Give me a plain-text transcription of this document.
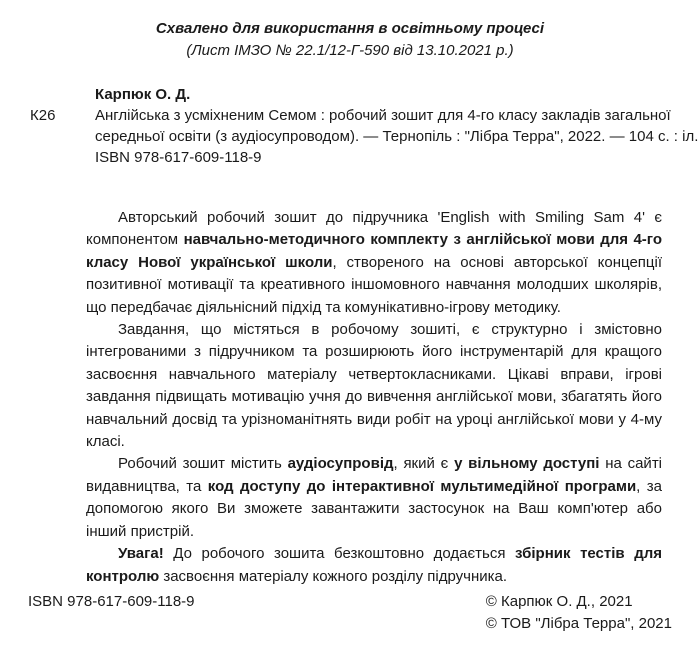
Схвалено для використання в освітньому процесі
(Лист ІМЗО № 22.1/12-Г-590 від 13.10.2021 р.)
Карпюк О. Д.
К26	Англійська з усміхненим Семом : робочий зошит для 4-го класу закладів загальної
середньої освіти (з аудіосупроводом). — Тернопіль : "Лібра Терра", 2022. — 104 с. : іл.
ISBN 978-617-609-118-9

Авторський робочий зошит до підручника 'English with Smiling Sam 4' є компонентом навчально-методичного комплекту з англійської мови для 4-го класу Нової української школи, створеного на основі авторської концепції позитивної мотивації та креативного іншомовного навчання молодших школярів, що передбачає діяльнісний підхід та комунікативно-ігрову методику.

Завдання, що містяться в робочому зошиті, є структурно і змістовно інтегрованими з підручником та розширюють його інструментарій для кращого засвоєння навчального матеріалу четвертокласниками. Цікаві вправи, ігрові завдання підвищать мотивацію учня до вивчення англійської мови, збагатять його навчальний досвід та урізноманітнять види робіт на уроці англійської мови у 4-му класі.

Робочий зошит містить аудіосупровід, який є у вільному доступі на сайті видавництва, та код доступу до інтерактивної мультимедійної програми, за допомогою якого Ви зможете завантажити застосунок на Ваш комп'ютер або інший пристрій.

Увага! До робочого зошита безкоштовно додається збірник тестів для контролю засвоєння матеріалу кожного розділу підручника.

ISBN 978-617-609-118-9	© Карпюк О. Д., 2021
© ТОВ "Лібра Терра", 2021
